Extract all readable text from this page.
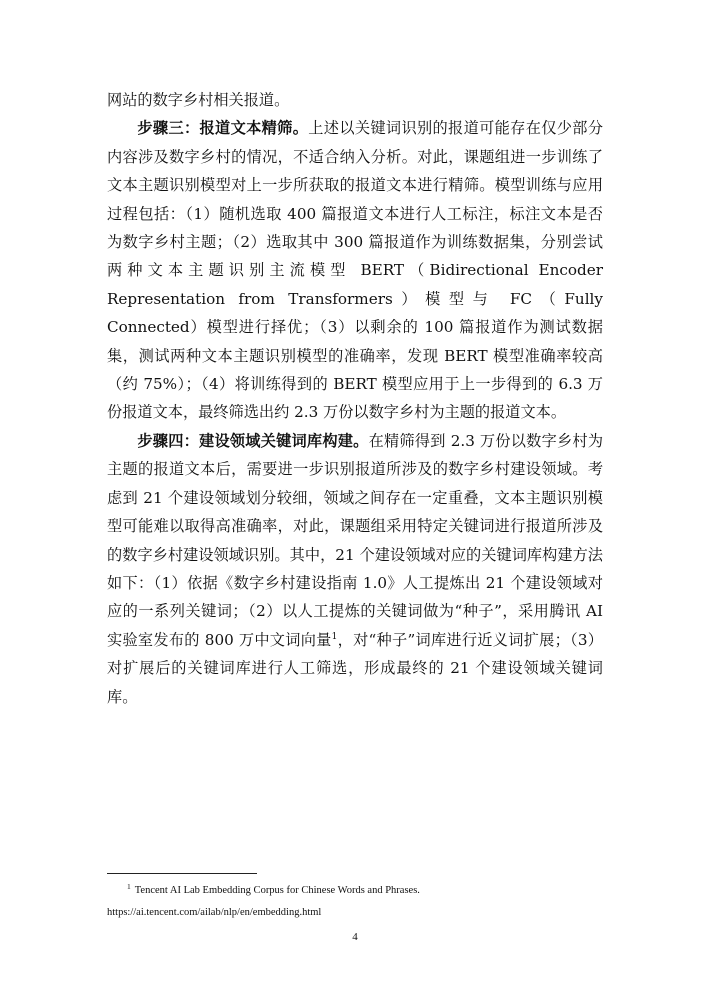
网站的数字乡村相关报道。

步骤三：报道文本精筛。上述以关键词识别的报道可能存在仅少部分内容涉及数字乡村的情况，不适合纳入分析。对此，课题组进一步训练了文本主题识别模型对上一步所获取的报道文本进行精筛。模型训练与应用过程包括：（1）随机选取 400 篇报道文本进行人工标注，标注文本是否为数字乡村主题；（2）选取其中 300 篇报道作为训练数据集，分别尝试两种文本主题识别主流模型 BERT（Bidirectional Encoder Representation from Transformers）模型与 FC（Fully Connected）模型进行择优；（3）以剩余的 100 篇报道作为测试数据集，测试两种文本主题识别模型的准确率，发现 BERT 模型准确率较高（约 75%）；（4）将训练得到的 BERT 模型应用于上一步得到的 6.3 万份报道文本，最终筛选出约 2.3 万份以数字乡村为主题的报道文本。

步骤四：建设领域关键词库构建。在精筛得到 2.3 万份以数字乡村为主题的报道文本后，需要进一步识别报道所涉及的数字乡村建设领域。考虑到 21 个建设领域划分较细，领域之间存在一定重叠，文本主题识别模型可能难以取得高准确率，对此，课题组采用特定关键词进行报道所涉及的数字乡村建设领域识别。其中，21 个建设领域对应的关键词库构建方法如下：（1）依据《数字乡村建设指南 1.0》人工提炼出 21 个建设领域对应的一系列关键词；（2）以人工提炼的关键词做为“种子”，采用腾讯 AI 实验室发布的 800 万中文词向量$^1$，对“种子”词库进行近义词扩展；（3）对扩展后的关键词库进行人工筛选，形成最终的 21 个建设领域关键词库。

$^1$ Tencent AI Lab Embedding Corpus for Chinese Words and Phrases.
https://ai.tencent.com/ailab/nlp/en/embedding.html
4
